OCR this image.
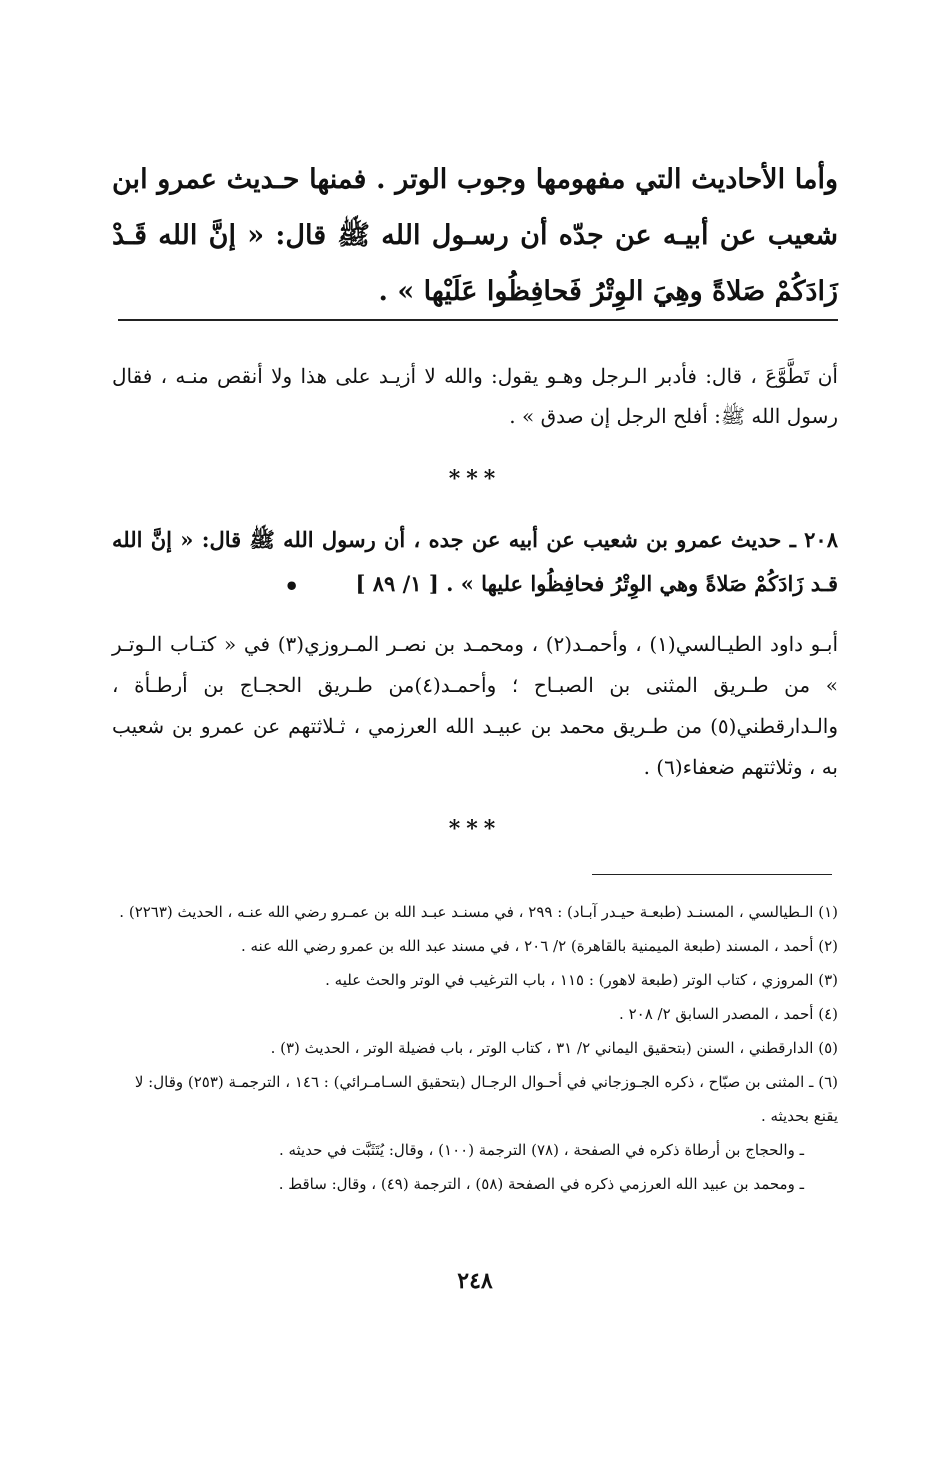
وأما الأحاديث التي مفهومها وجوب الوتر . فمنها حـديث عمرو ابن شعيب عن أبيـه عن جدّه أن رسـول الله ﷺ قال: « إنَّ الله قَـدْ زَادَكُمْ صَلاةً وهِيَ الوِتْرُ فَحافِظُوا عَلَيْها » .

أن تَطَّوَّعَ ، قال: فأدبر الـرجل وهـو يقول: والله لا أزيـد على هذا ولا أنقص منـه ، فقال رسول الله ﷺ: أفلح الرجل إن صدق » .

***

٢٠٨ ـ حديث عمرو بن شعيب عن أبيه عن جده ، أن رسول الله ﷺ قال: « إنَّ الله قـد زَادَكُمْ صَلاةً وهي الوِتْرُ فحافِظُوا عليها » . [ ١/ ٨٩ ]

•

أبـو داود الطيـالسي(١) ، وأحمـد(٢) ، ومحمـد بن نصـر المـروزي(٣) في « كتـاب الـوتـر » من طـريق المثنى بن الصبـاح ؛ وأحمـد(٤)من طـريق الحجـاج بن أرطـأة ، والـدارقطني(٥) من طـريق محمد بن عبيـد الله العرزمي ، ثـلاثتهم عن عمرو بن شعيب به ، وثلاثتهم ضعفاء(٦) .

***

(١) الـطيالسي ، المسنـد (طبعـة حيـدر آبـاد) : ٢٩٩ ، في مسنـد عبـد الله بن عمـرو رضي الله عنـه ، الحديث (٢٢٦٣) .

(٢) أحمد ، المسند (طبعة الميمنية بالقاهرة) ٢/ ٢٠٦ ، في مسند عبد الله بن عمرو رضي الله عنه .

(٣) المروزي ، كتاب الوتر (طبعة لاهور) : ١١٥ ، باب الترغيب في الوتر والحث عليه .

(٤) أحمد ، المصدر السابق ٢/ ٢٠٨ .

(٥) الدارقطني ، السنن (بتحقيق اليماني ٢/ ٣١ ، كتاب الوتر ، باب فضيلة الوتر ، الحديث (٣) .

(٦) ـ المثنى بن صبّاح ، ذكره الجـوزجاني في أحـوال الرجـال (بتحقيق السـامـرائي) : ١٤٦ ، الترجمـة (٢٥٣) وقال: لا يقنع بحديثه .

ـ والحجاج بن أرطاة ذكره في الصفحة ، (٧٨) الترجمة (١٠٠) ، وقال: يُتَثَبَّت في حديثه .

ـ ومحمد بن عبيد الله العرزمي ذكره في الصفحة (٥٨) ، الترجمة (٤٩) ، وقال: ساقط .

٢٤٨
